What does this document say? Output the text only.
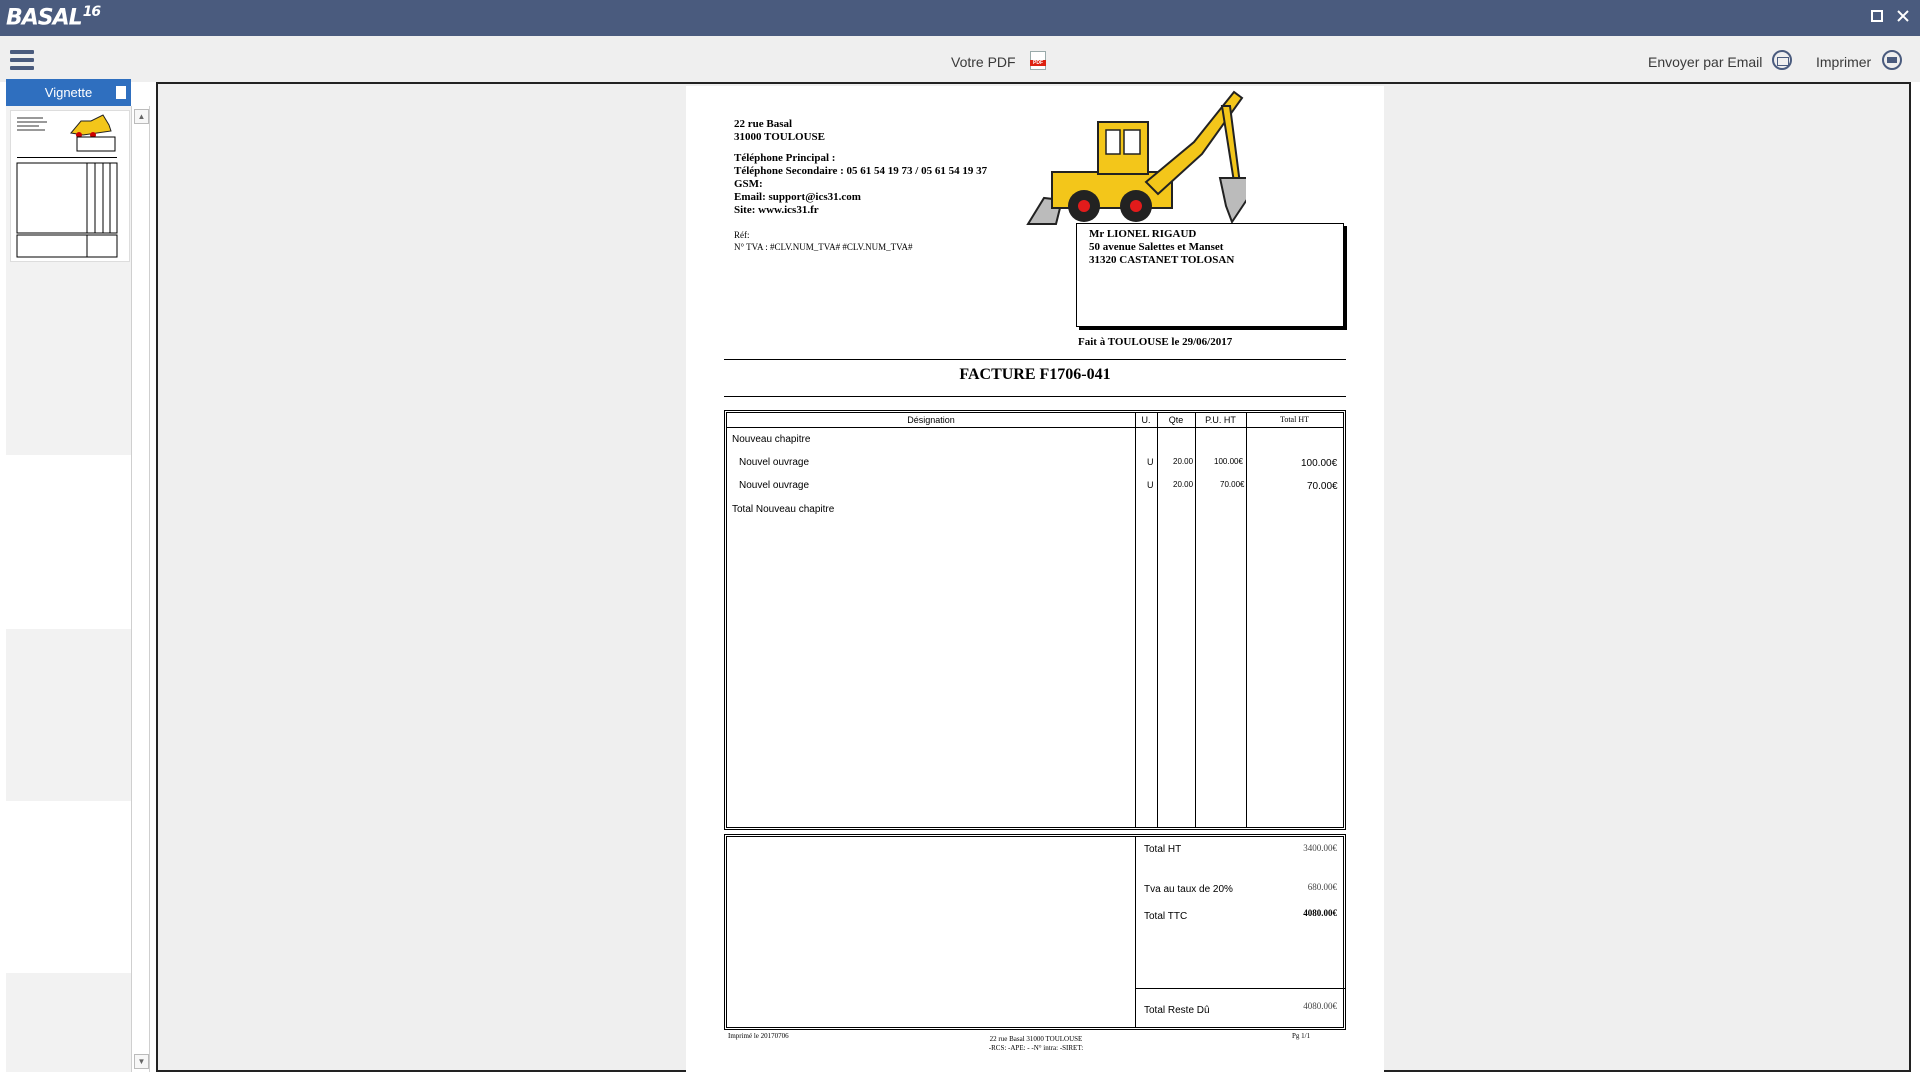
BASAL$^{16}$
Votre PDF	PDF	Envoyer par Email	Imprimer
Vignette
▲
▼
22 rue Basal
31000 TOULOUSE
Téléphone Principal :
Téléphone Secondaire : 05 61 54 19 73 / 05 61 54 19 37
GSM:
Email: support@ics31.com
Site: www.ics31.fr
Réf:
N° TVA : #CLV.NUM_TVA# #CLV.NUM_TVA#
Mr LIONEL RIGAUD
50 avenue Salettes et Manset
31320 CASTANET TOLOSAN
Fait à TOULOUSE le 29/06/2017
FACTURE F1706-041
Désignation	U.	Qte	P.U. HT	Total HT
Nouveau chapitre
Nouvel ouvrage	U 20.00	100.00€	100.00€
Nouvel ouvrage	U 20.00	70.00€	70.00€
Total Nouveau chapitre
Total HT	3400.00€
Tva au taux de 20%	680.00€
Total TTC	4080.00€
Total Reste Dû	4080.00€
Imprimé le 20170706	22 rue Basal 31000 TOULOUSE
-RCS: -APE: - -N° intra: -SIRET:
Pg 1/1
